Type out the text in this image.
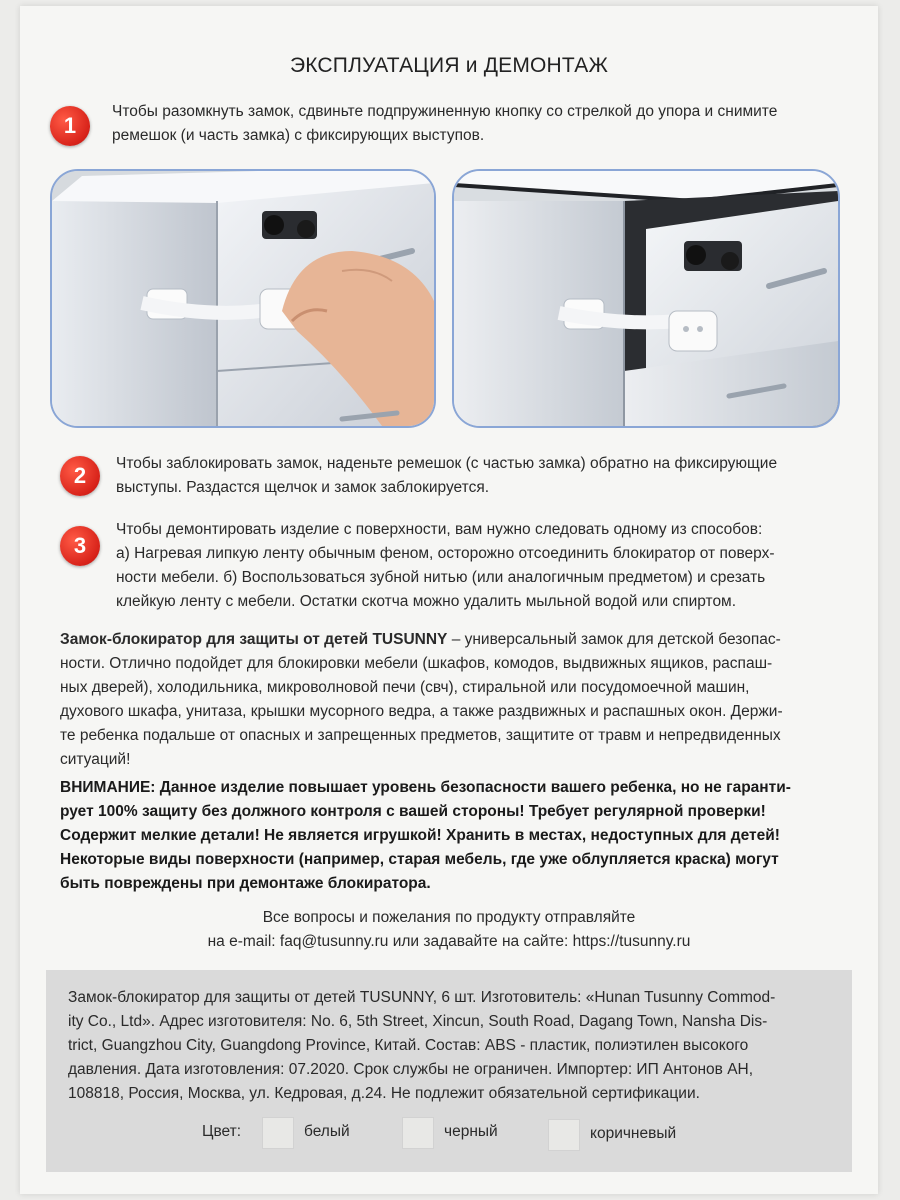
ЭКСПЛУАТАЦИЯ и ДЕМОНТАЖ
1
Чтобы разомкнуть замок, сдвиньте подпружиненную кнопку со стрелкой до упора и снимите
ремешок (и часть замка) с фиксирующих выступов.
2	Чтобы заблокировать замок, наденьте ремешок (с частью замка) обратно на фиксирующие
выступы. Раздастся щелчок и замок заблокируется.
3
Чтобы демонтировать изделие с поверхности, вам нужно следовать одному из способов:
а) Нагревая липкую ленту обычным феном, осторожно отсоединить блокиратор от поверх-
ности мебели. б) Воспользоваться зубной нитью (или аналогичным предметом) и срезать
клейкую ленту с мебели. Остатки скотча можно удалить мыльной водой или спиртом.
Замок-блокиратор для защиты от детей TUSUNNY – универсальный замок для детской безопас-
ности. Отлично подойдет для блокировки мебели (шкафов, комодов, выдвижных ящиков, распаш-
ных дверей), холодильника, микроволновой печи (свч), стиральной или посудомоечной машин,
духового шкафа, унитаза, крышки мусорного ведра, а также раздвижных и распашных окон. Держи-
те ребенка подальше от опасных и запрещенных предметов, защитите от травм и непредвиденных
ситуаций!
ВНИМАНИЕ: Данное изделие повышает уровень безопасности вашего ребенка, но не гаранти-
рует 100% защиту без должного контроля с вашей стороны! Требует регулярной проверки!
Содержит мелкие детали! Не является игрушкой! Хранить в местах, недоступных для детей!
Некоторые виды поверхности (например, старая мебель, где уже облупляется краска) могут
быть повреждены при демонтаже блокиратора.
Все вопросы и пожелания по продукту отправляйте
на e-mail: faq@tusunny.ru или задавайте на сайте: https://tusunny.ru
Замок-блокиратор для защиты от детей TUSUNNY, 6 шт. Изготовитель: «Hunan Tusunny Commod-
ity Co., Ltd». Адрес изготовителя: No. 6, 5th Street, Xincun, South Road, Dagang Town, Nansha Dis-
trict, Guangzhou City, Guangdong Province, Китай. Состав: ABS - пластик, полиэтилен высокого
давления. Дата изготовления: 07.2020. Срок службы не ограничен. Импортер: ИП Антонов АН,
108818, Россия, Москва, ул. Кедровая, д.24. Не подлежит обязательной сертификации.
Цвет:	белый	черный	коричневый
